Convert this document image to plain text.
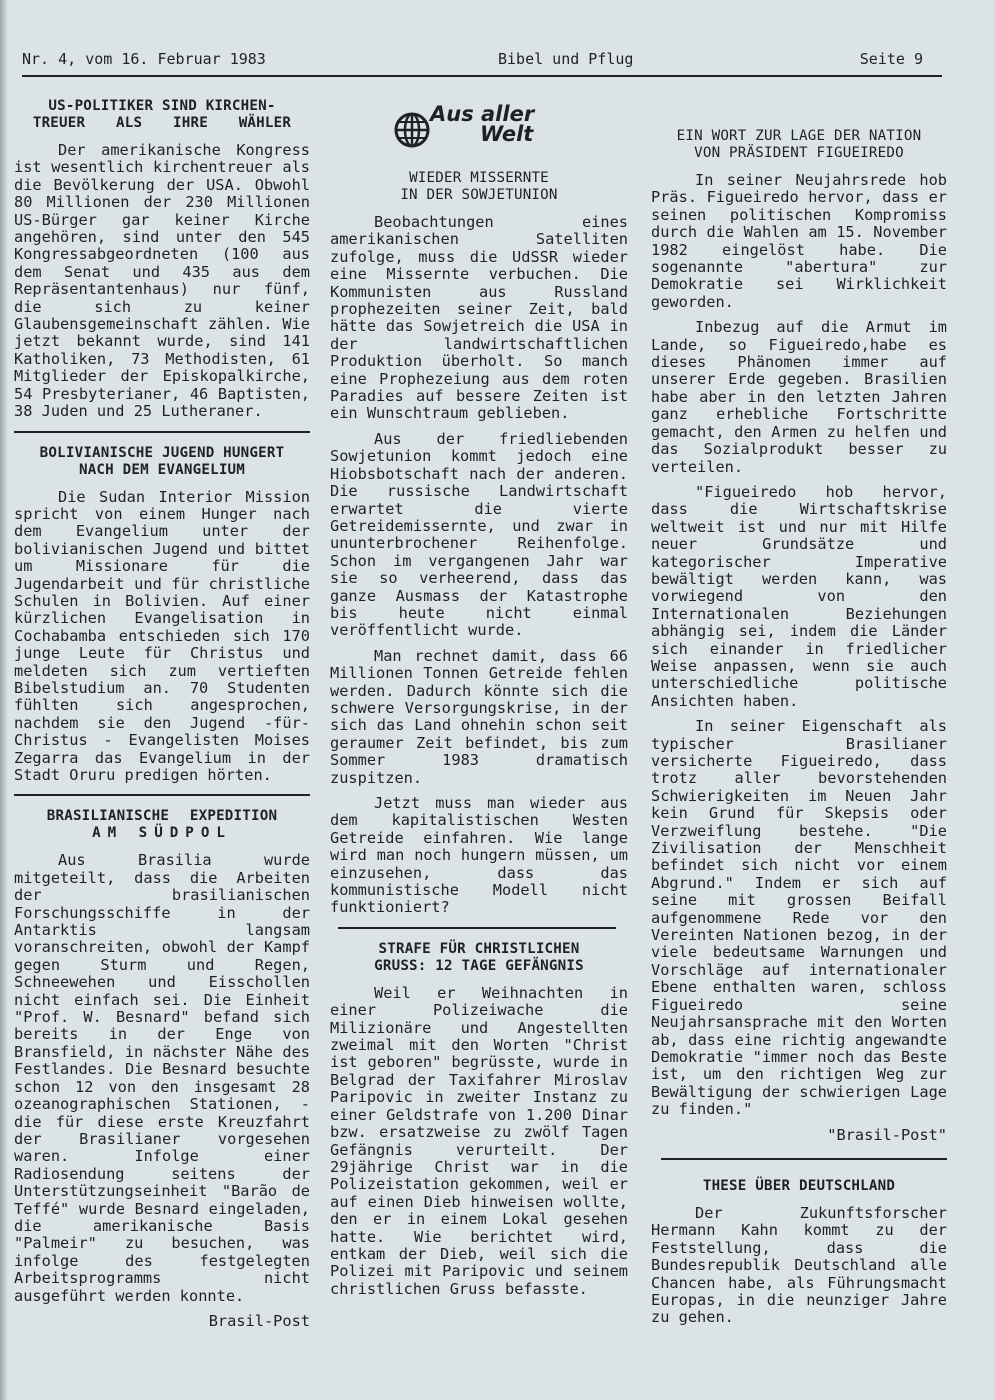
Nr. 4, vom 16. Februar 1983	Bibel und Pflug	Seite 9
US-POLITIKER SIND KIRCHEN-
TREUER ALS IHRE WÄHLER

Der amerikanische Kongress ist wesentlich kirchentreuer als die Bevölkerung der USA. Obwohl 80 Millionen der 230 Millionen US-Bürger gar keiner Kirche angehören, sind unter den 545 Kongressabgeordneten (100 aus dem Senat und 435 aus dem Repräsentantenhaus) nur fünf, die sich zu keiner Glaubensgemeinschaft zählen. Wie jetzt bekannt wurde, sind 141 Katholiken, 73 Methodisten, 61 Mitglieder der Episkopalkirche, 54 Presbyterianer, 46 Baptisten, 38 Juden und 25 Lutheraner.

BOLIVIANISCHE JUGEND HUNGERT
NACH DEM EVANGELIUM

Die Sudan Interior Mission spricht von einem Hunger nach dem Evangelium unter der bolivianischen Jugend und bittet um Missionare für die Jugendarbeit und für christliche Schulen in Bolivien. Auf einer kürzlichen Evangelisation in Cochabamba entschieden sich 170 junge Leute für Christus und meldeten sich zum vertieften Bibelstudium an. 70 Studenten fühlten sich angesprochen, nachdem sie den Jugend -für-Christus - Evangelisten Moises Zegarra das Evangelium in der Stadt Oruru predigen hörten.

BRASILIANISCHE EXPEDITION
AM SÜDPOL

Aus Brasilia wurde mitgeteilt, dass die Arbeiten der brasilianischen Forschungsschiffe in der Antarktis langsam voranschreiten, obwohl der Kampf gegen Sturm und Regen, Schneewehen und Eisschollen nicht einfach sei. Die Einheit "Prof. W. Besnard" befand sich bereits in der Enge von Bransfield, in nächster Nähe des Festlandes. Die Besnard besuchte schon 12 von den insgesamt 28 ozeanographischen Stationen, - die für diese erste Kreuzfahrt der Brasilianer vorgesehen waren. Infolge einer Radiosendung seitens der Unterstützungseinheit "Barão de Teffé" wurde Besnard eingeladen, die amerikanische Basis "Palmeir" zu besuchen, was infolge des festgelegten Arbeitsprogramms nicht ausgeführt werden konnte.

Brasil-Post

Aus aller
Welt
WIEDER MISSERNTE
IN DER SOWJETUNION

Beobachtungen eines amerikanischen Satelliten zufolge, muss die UdSSR wieder eine Missernte verbuchen. Die Kommunisten aus Russland prophezeiten seiner Zeit, bald hätte das Sowjetreich die USA in der landwirtschaftlichen Produktion überholt. So manch eine Prophezeiung aus dem roten Paradies auf bessere Zeiten ist ein Wunschtraum geblieben.

Aus der friedliebenden Sowjetunion kommt jedoch eine Hiobsbotschaft nach der anderen. Die russische Landwirtschaft erwartet die vierte Getreidemissernte, und zwar in ununterbrochener Reihenfolge. Schon im vergangenen Jahr war sie so verheerend, dass das ganze Ausmass der Katastrophe bis heute nicht einmal veröffentlicht wurde.

Man rechnet damit, dass 66 Millionen Tonnen Getreide fehlen werden. Dadurch könnte sich die schwere Versorgungskrise, in der sich das Land ohnehin schon seit geraumer Zeit befindet, bis zum Sommer 1983 dramatisch zuspitzen.

Jetzt muss man wieder aus dem kapitalistischen Westen Getreide einfahren. Wie lange wird man noch hungern müssen, um einzusehen, dass das kommunistische Modell nicht funktioniert?

STRAFE FÜR CHRISTLICHEN
GRUSS: 12 TAGE GEFÄNGNIS

Weil er Weihnachten in einer Polizeiwache die Milizionäre und Angestellten zweimal mit den Worten "Christ ist geboren" begrüsste, wurde in Belgrad der Taxifahrer Miroslav Paripovic in zweiter Instanz zu einer Geldstrafe von 1.200 Dinar bzw. ersatzweise zu zwölf Tagen Gefängnis verurteilt. Der 29jährige Christ war in die Polizeistation gekommen, weil er auf einen Dieb hinweisen wollte, den er in einem Lokal gesehen hatte. Wie berichtet wird, entkam der Dieb, weil sich die Polizei mit Paripovic und seinem christlichen Gruss befasste.

EIN WORT ZUR LAGE DER NATION
VON PRÄSIDENT FIGUEIREDO

In seiner Neujahrsrede hob Präs. Figueiredo hervor, dass er seinen politischen Kompromiss durch die Wahlen am 15. November 1982 eingelöst habe. Die sogenannte "abertura" zur Demokratie sei Wirklichkeit geworden.

Inbezug auf die Armut im Lande, so Figueiredo,habe es dieses Phänomen immer auf unserer Erde gegeben. Brasilien habe aber in den letzten Jahren ganz erhebliche Fortschritte gemacht, den Armen zu helfen und das Sozialprodukt besser zu verteilen.

"Figueiredo hob hervor, dass die Wirtschaftskrise weltweit ist und nur mit Hilfe neuer Grundsätze und kategorischer Imperative bewältigt werden kann, was vorwiegend von den Internationalen Beziehungen abhängig sei, indem die Länder sich einander in friedlicher Weise anpassen, wenn sie auch unterschiedliche politische Ansichten haben.

In seiner Eigenschaft als typischer Brasilianer versicherte Figueiredo, dass trotz aller bevorstehenden Schwierigkeiten im Neuen Jahr kein Grund für Skepsis oder Verzweiflung bestehe. "Die Zivilisation der Menschheit befindet sich nicht vor einem Abgrund." Indem er sich auf seine mit grossen Beifall aufgenommene Rede vor den Vereinten Nationen bezog, in der viele bedeutsame Warnungen und Vorschläge auf internationaler Ebene enthalten waren, schloss Figueiredo seine Neujahrsansprache mit den Worten ab, dass eine richtig angewandte Demokratie "immer noch das Beste ist, um den richtigen Weg zur Bewältigung der schwierigen Lage zu finden."

"Brasil-Post"

THESE ÜBER DEUTSCHLAND

Der Zukunftsforscher Hermann Kahn kommt zu der Feststellung, dass die Bundesrepublik Deutschland alle Chancen habe, als Führungsmacht Europas, in die neunziger Jahre zu gehen.
